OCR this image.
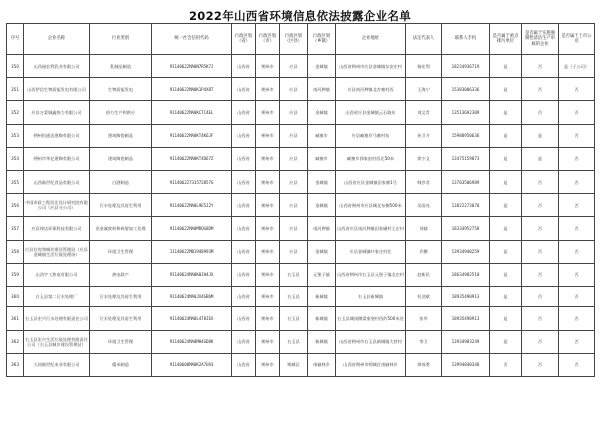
2022年山西省环境信息依法披露企业名单
序号	企业名称	行业类别	统一社会信用代码	行政区划（省）	行政区划（市）	行政区划（区县）	行政区划（乡镇）	企业地址	法定代表人	联系人手机	是否属于重点排污单位	是否属于实施强制性清洁生产审核的企业	是否属于上市公司
350	山西禄宏利乳业有限公司	乳制品制造	91140622MA0N7R5K7J	山西省	朔州市	应县	金城镇	山西省朔州市应县金城镇东安庄村	杨宏利	18234936719	是	否	是（子公司）
351	山西伊信生物质能发电有限公司	生物质能发电	91140622MA0K1P4X8T	山西省	朔州市	应县	南河种镇	应县南河种镇北杏寨村西	王海宁	15383086336	是	否	否
352	应县万蒙城鑫热力有限公司	热力生产和供应	91140622MA0KCTC4EL	山西省	朔州市	应县	金城镇	山西省应县金城镇云石路东	刘文青	13513692309	是	否	否
353	朔州恒通达建陶有限公司	建筑陶瓷制品	91140622MA0KT4K6JF	山西省	朔州市	应县	臧寨乡	应县臧寨乡马寨村东	孙卫才	15988950636	是	是	否
354	朔州市华亿建陶有限公司	建筑陶瓷制品	91140622MA0KT4D67Z	山西省	朔州市	应县	臧寨乡	臧寨乡郭家窑村西北50米	徐少文	13475159873	是	是	否
355	山西新世纪食品有限公司	白酒制造	91140622731572857G	山西省	朔州市	应县	金城镇	山西省应县金城镇田家寨1号	韩彦君	13703506989	是	否	否
356	中国市政工程西北设计研究院有限公司（应县分公司）	污水处理及其再生利用	91140622MA0L9E5J2Y	山西省	朔州市	应县	金城镇	山西省朔州市应县城北东侧500米	吴雨亮	13822273070	是	否	否
357	应县坤达环保科技有限公司	非金属废料和碎屑加工处理	91140622MA0MRQG8DM	山西省	朔州市	应县	南河种镇	山西省应县南河种镇田家碾村王庄村	刘婧	18334952758	是	否	否
358	应县住房和城乡建设管理局（应县金城镇生活垃圾处理场）	环境卫生管理	11140622MB1948993M	山西省	朔州市	应县	金城镇	应县金城镇叶家庄村北	乔鹏	13934940259	是	否	否
359	山西宇工热电有限公司	热电联产	91140624MA0K0JH4JX	山西省	朔州市	右玉县	元堡子镇	山西省朔州市右玉县元堡子镇北庄村	赵新民	18634982510	是	否	否
360	右玉县第二污水处理厂	污水处理及其再生利用	91140624MA0JX4GB6M	山西省	朔州市	右玉县	新城镇	右玉县新城镇	杜劲斌	18935490913	是	否	否
361	右玉县宏兴污水处理有限责任公司	污水处理及其再生利用	91140624MA0L4T8JEX	山西省	朔州市	右玉县	新城镇	右玉县城南侧梁家堡村西约500米处	张华	18935490913	是	否	否
362	右玉县宏兴生活垃圾处理有限责任公司（右玉县城乡建设管理站）	环境卫生管理	91140624MA0MH4GD0K	山西省	朔州市	右玉县	新城镇	山西省朔州市右玉县新城镇大营村	李卫	13934983249	是	否	否
363	大同新世纪米业有限公司	精米制造	91140600MA0K2A7UA3	山西省	朔州市	朔城区	南榆林乡	山西省朔州市朔城区南榆林乡	周效勇	13994840348	否	否	否
